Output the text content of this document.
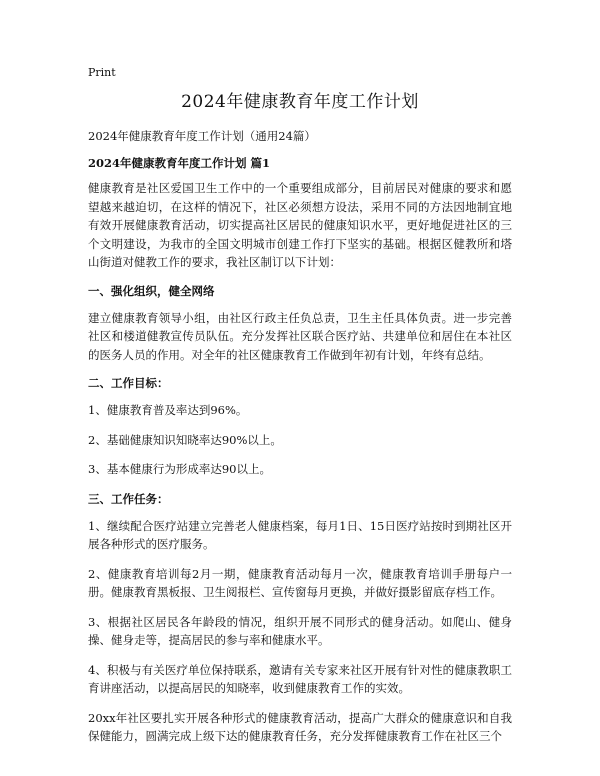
Print
2024年健康教育年度工作计划
2024年健康教育年度工作计划（通用24篇）
2024年健康教育年度工作计划 篇1

健康教育是社区爱国卫生工作中的一个重要组成部分，目前居民对健康的要求和愿望越来越迫切，在这样的情况下，社区必须想方设法，采用不同的方法因地制宜地有效开展健康教育活动，切实提高社区居民的健康知识水平，更好地促进社区的三个文明建设，为我市的全国文明城市创建工作打下坚实的基础。根据区健教所和塔山街道对健教工作的要求，我社区制订以下计划：

一、强化组织，健全网络

建立健康教育领导小组，由社区行政主任负总责，卫生主任具体负责。进一步完善社区和楼道健教宣传员队伍。充分发挥社区联合医疗站、共建单位和居住在本社区的医务人员的作用。对全年的社区健康教育工作做到年初有计划，年终有总结。

二、工作目标：
1、健康教育普及率达到96%。
2、基础健康知识知晓率达90%以上。
3、基本健康行为形成率达90以上。
三、工作任务：
1、继续配合医疗站建立完善老人健康档案，每月1日、15日医疗站按时到期社区开展各种形式的医疗服务。
2、健康教育培训每2月一期，健康教育活动每月一次，健康教育培训手册每户一册。健康教育黑板报、卫生阅报栏、宣传窗每月更换，并做好摄影留底存档工作。
3、根据社区居民各年龄段的情况，组织开展不同形式的健身活动。如爬山、健身操、健身走等，提高居民的参与率和健康水平。
4、积极与有关医疗单位保持联系，邀请有关专家来社区开展有针对性的健康教职工育讲座活动，以提高居民的知晓率，收到健康教育工作的实效。

20xx年社区要扎实开展各种形式的健康教育活动，提高广大群众的健康意识和自我保健能力，圆满完成上级下达的健康教育任务，充分发挥健康教育工作在社区三个
